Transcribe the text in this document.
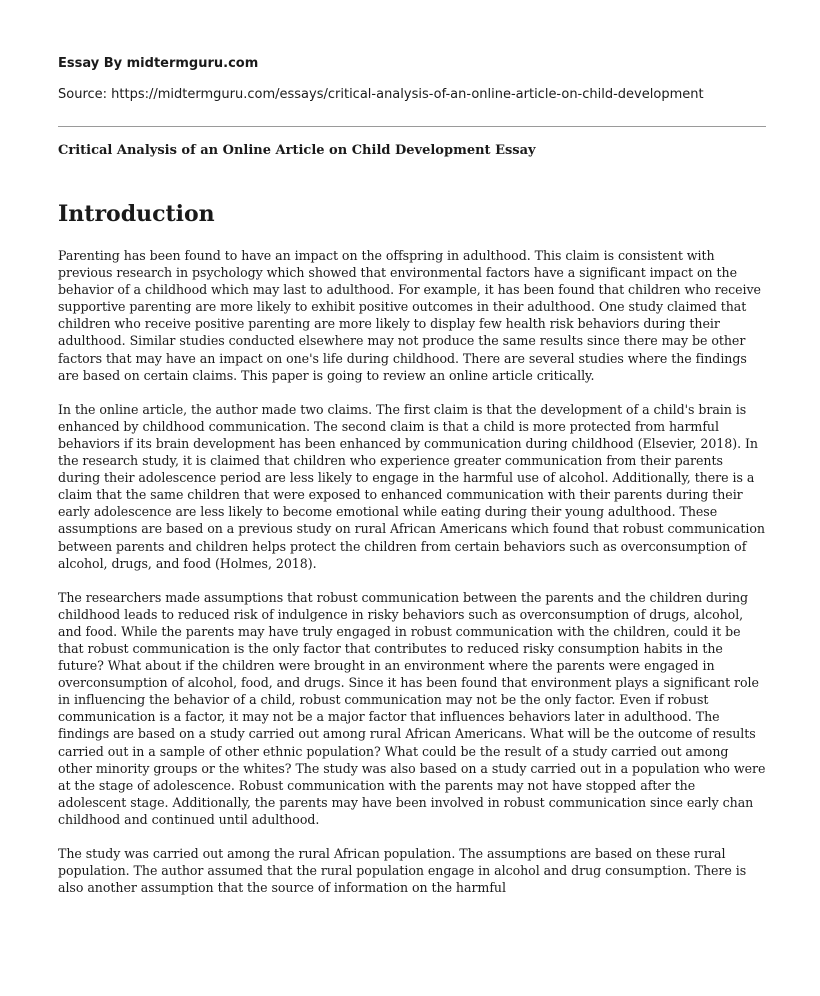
Essay By midtermguru.com

Source: https://midtermguru.com/essays/critical-analysis-of-an-online-article-on-child-development

Critical Analysis of an Online Article on Child Development Essay

Introduction

Parenting has been found to have an impact on the offspring in adulthood. This claim is consistent with previous research in psychology which showed that environmental factors have a significant impact on the behavior of a childhood which may last to adulthood. For example, it has been found that children who receive supportive parenting are more likely to exhibit positive outcomes in their adulthood. One study claimed that children who receive positive parenting are more likely to display few health risk behaviors during their adulthood. Similar studies conducted elsewhere may not produce the same results since there may be other factors that may have an impact on one's life during childhood. There are several studies where the findings are based on certain claims. This paper is going to review an online article critically.

In the online article, the author made two claims. The first claim is that the development of a child's brain is enhanced by childhood communication. The second claim is that a child is more protected from harmful behaviors if its brain development has been enhanced by communication during childhood (Elsevier, 2018). In the research study, it is claimed that children who experience greater communication from their parents during their adolescence period are less likely to engage in the harmful use of alcohol. Additionally, there is a claim that the same children that were exposed to enhanced communication with their parents during their early adolescence are less likely to become emotional while eating during their young adulthood. These assumptions are based on a previous study on rural African Americans which found that robust communication between parents and children helps protect the children from certain behaviors such as overconsumption of alcohol, drugs, and food (Holmes, 2018).

The researchers made assumptions that robust communication between the parents and the children during childhood leads to reduced risk of indulgence in risky behaviors such as overconsumption of drugs, alcohol, and food. While the parents may have truly engaged in robust communication with the children, could it be that robust communication is the only factor that contributes to reduced risky consumption habits in the future? What about if the children were brought in an environment where the parents were engaged in overconsumption of alcohol, food, and drugs. Since it has been found that environment plays a significant role in influencing the behavior of a child, robust communication may not be the only factor. Even if robust communication is a factor, it may not be a major factor that influences behaviors later in adulthood. The findings are based on a study carried out among rural African Americans. What will be the outcome of results carried out in a sample of other ethnic population? What could be the result of a study carried out among other minority groups or the whites? The study was also based on a study carried out in a population who were at the stage of adolescence. Robust communication with the parents may not have stopped after the adolescent stage. Additionally, the parents may have been involved in robust communication since early chan childhood and continued until adulthood.

The study was carried out among the rural African population. The assumptions are based on these rural population. The author assumed that the rural population engage in alcohol and drug consumption. There is also another assumption that the source of information on the harmful
